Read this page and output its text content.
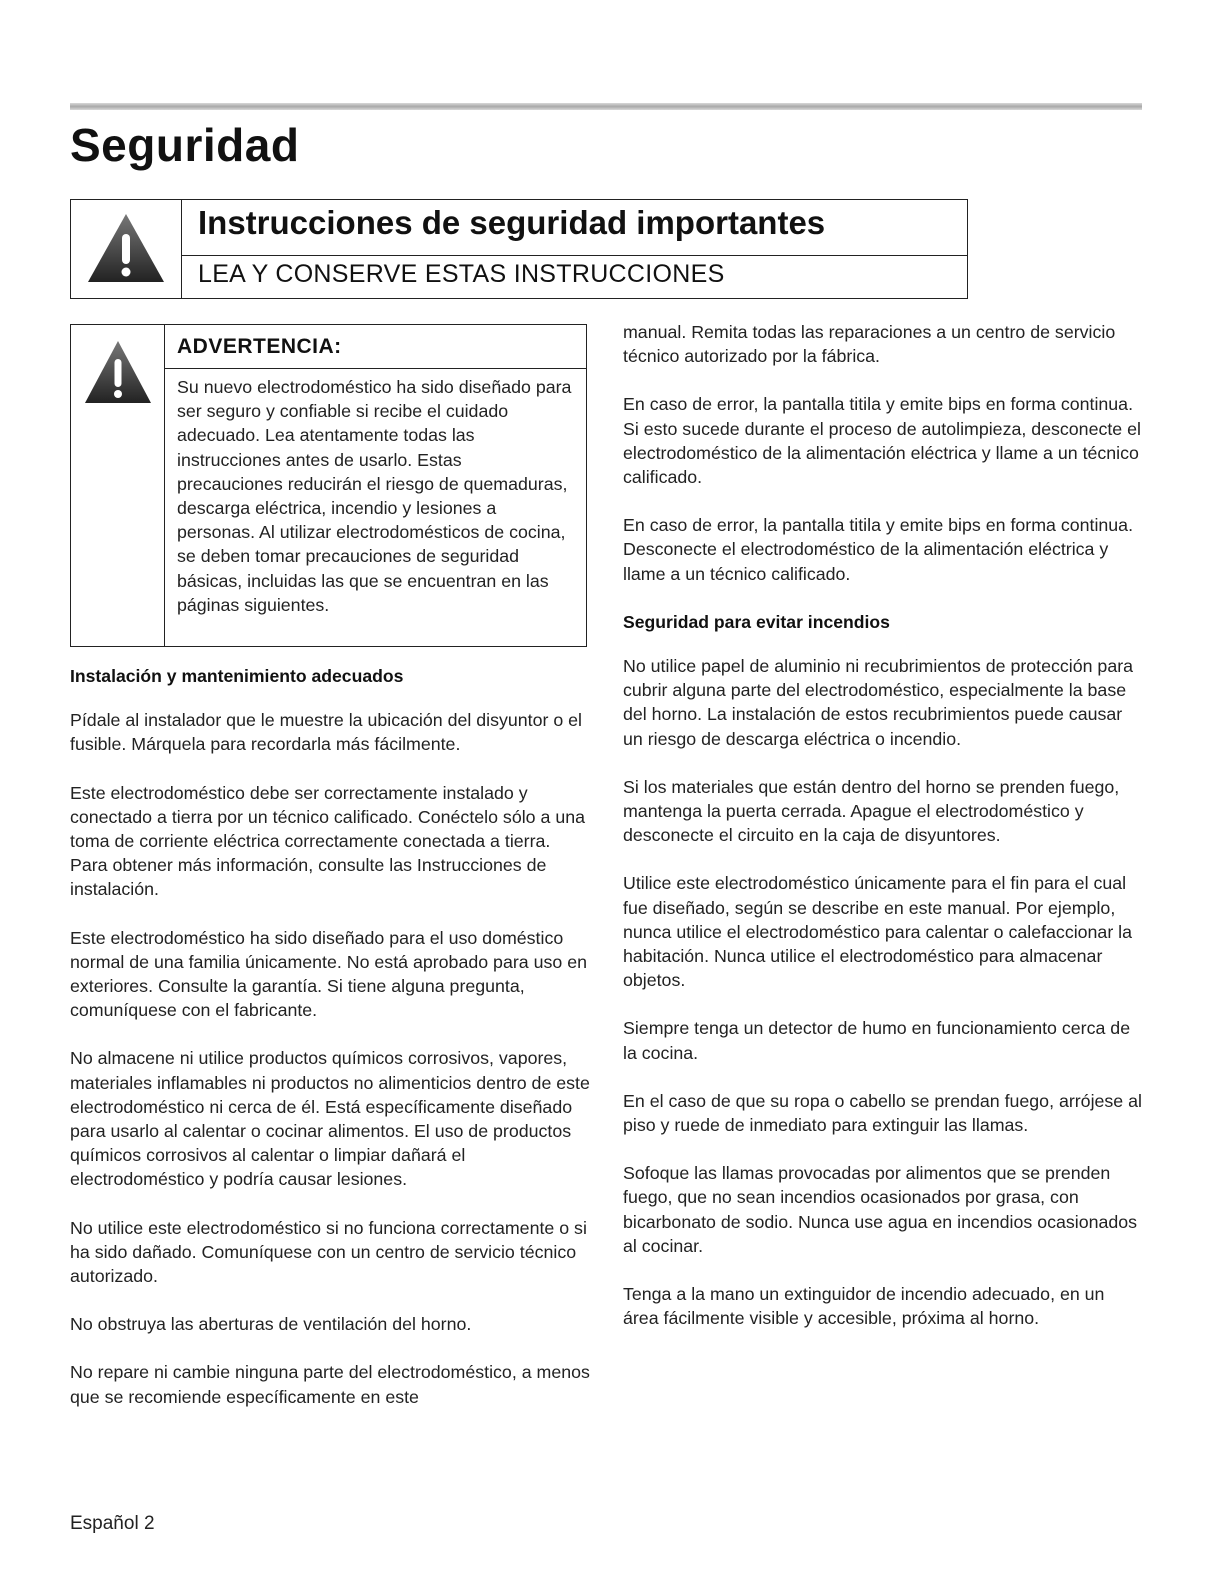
Seguridad
Instrucciones de seguridad importantes
LEA Y CONSERVE ESTAS INSTRUCCIONES
ADVERTENCIA:
Su nuevo electrodoméstico ha sido diseñado para ser seguro y confiable si recibe el cuidado adecuado. Lea atentamente todas las instrucciones antes de usarlo. Estas precauciones reducirán el riesgo de quemaduras, descarga eléctrica, incendio y lesiones a personas. Al utilizar electrodomésticos de cocina, se deben tomar precauciones de seguridad básicas, incluidas las que se encuentran en las páginas siguientes.
Instalación y mantenimiento adecuados

Pídale al instalador que le muestre la ubicación del disyuntor o el fusible. Márquela para recordarla más fácilmente.

Este electrodoméstico debe ser correctamente instalado y conectado a tierra por un técnico calificado. Conéctelo sólo a una toma de corriente eléctrica correctamente conectada a tierra. Para obtener más información, consulte las Instrucciones de instalación.

Este electrodoméstico ha sido diseñado para el uso doméstico normal de una familia únicamente. No está aprobado para uso en exteriores. Consulte la garantía. Si tiene alguna pregunta, comuníquese con el fabricante.

No almacene ni utilice productos químicos corrosivos, vapores, materiales inflamables ni productos no alimenticios dentro de este electrodoméstico ni cerca de él. Está específicamente diseñado para usarlo al calentar o cocinar alimentos. El uso de productos químicos corrosivos al calentar o limpiar dañará el electrodoméstico y podría causar lesiones.

No utilice este electrodoméstico si no funciona correctamente o si ha sido dañado. Comuníquese con un centro de servicio técnico autorizado.

No obstruya las aberturas de ventilación del horno.

No repare ni cambie ninguna parte del electrodoméstico, a menos que se recomiende específicamente en este

manual. Remita todas las reparaciones a un centro de servicio técnico autorizado por la fábrica.

En caso de error, la pantalla titila y emite bips en forma continua. Si esto sucede durante el proceso de autolimpieza, desconecte el electrodoméstico de la alimentación eléctrica y llame a un técnico calificado.

En caso de error, la pantalla titila y emite bips en forma continua. Desconecte el electrodoméstico de la alimentación eléctrica y llame a un técnico calificado.

Seguridad para evitar incendios

No utilice papel de aluminio ni recubrimientos de protección para cubrir alguna parte del electrodoméstico, especialmente la base del horno. La instalación de estos recubrimientos puede causar un riesgo de descarga eléctrica o incendio.

Si los materiales que están dentro del horno se prenden fuego, mantenga la puerta cerrada. Apague el electrodoméstico y desconecte el circuito en la caja de disyuntores.

Utilice este electrodoméstico únicamente para el fin para el cual fue diseñado, según se describe en este manual. Por ejemplo, nunca utilice el electrodoméstico para calentar o calefaccionar la habitación. Nunca utilice el electrodoméstico para almacenar objetos.

Siempre tenga un detector de humo en funcionamiento cerca de la cocina.

En el caso de que su ropa o cabello se prendan fuego, arrójese al piso y ruede de inmediato para extinguir las llamas.

Sofoque las llamas provocadas por alimentos que se prenden fuego, que no sean incendios ocasionados por grasa, con bicarbonato de sodio. Nunca use agua en incendios ocasionados al cocinar.

Tenga a la mano un extinguidor de incendio adecuado, en un área fácilmente visible y accesible, próxima al horno.

Español 2
